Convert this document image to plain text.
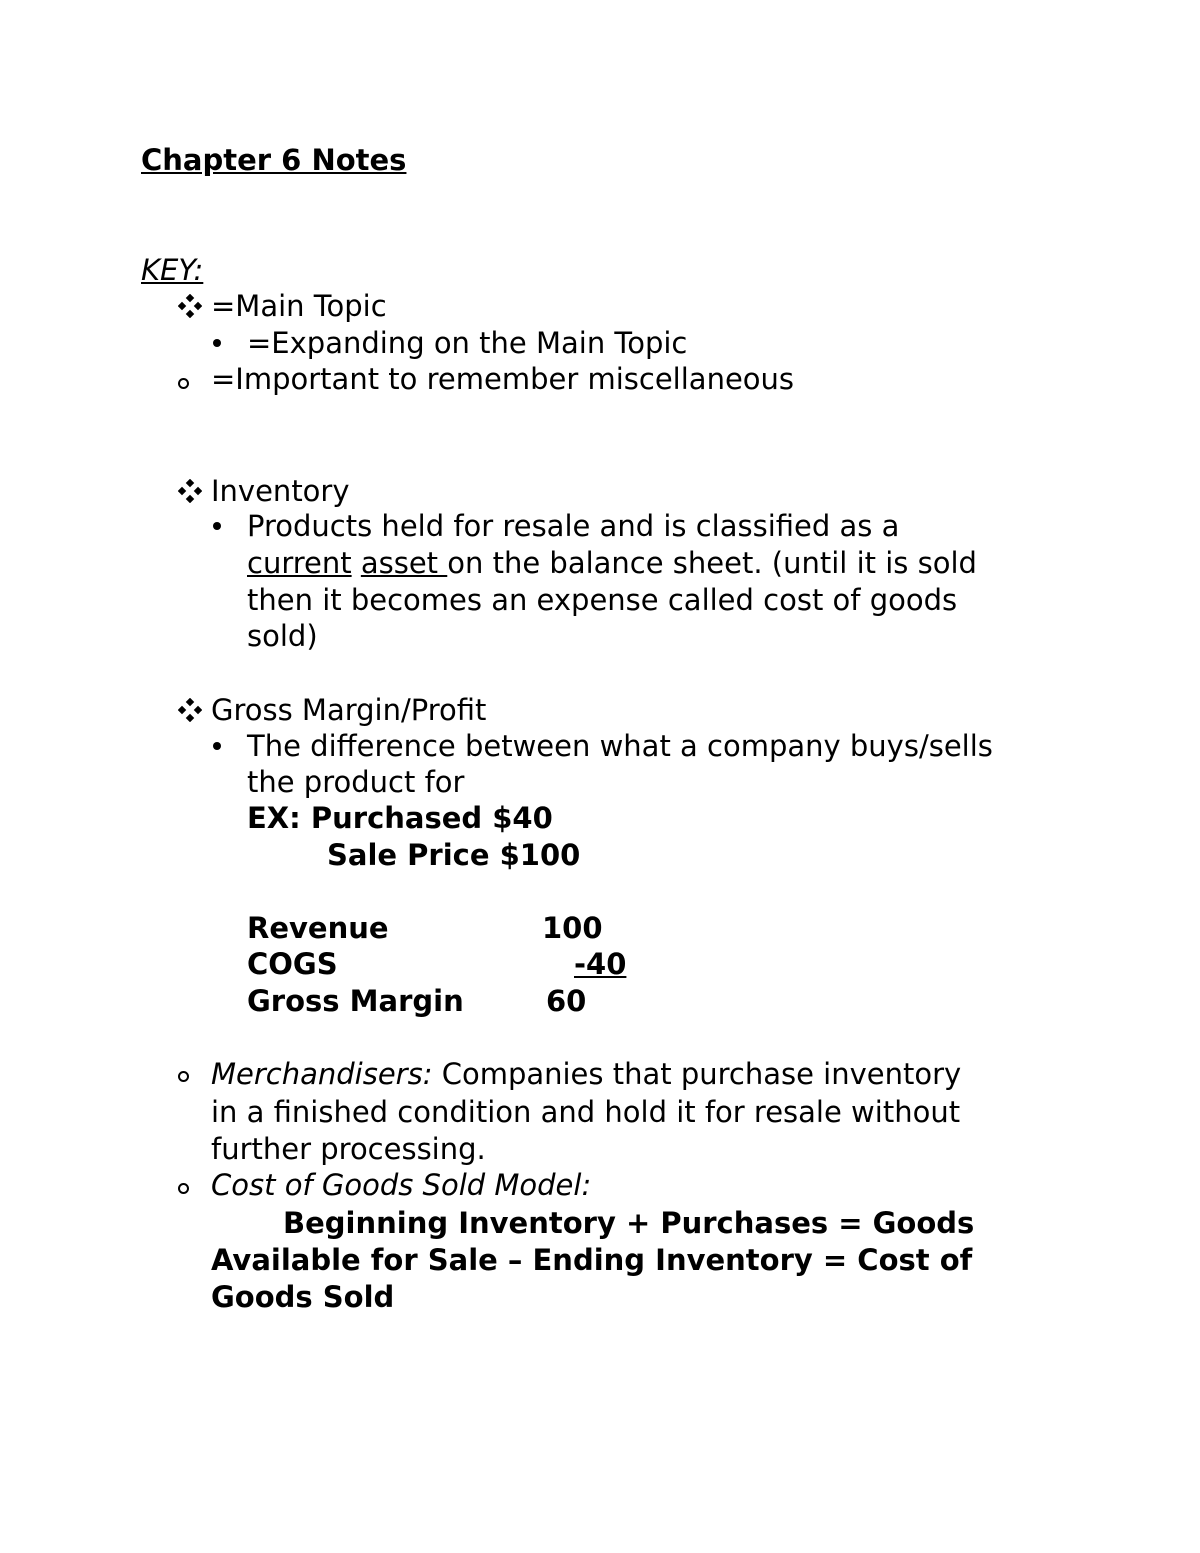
Chapter 6 Notes
KEY:
=Main Topic
=Expanding on the Main Topic
=Important to remember miscellaneous
Inventory
Products held for resale and is classified as a
current asset on the balance sheet. (until it is sold
then it becomes an expense called cost of goods
sold)
Gross Margin/Profit
The difference between what a company buys/sells
the product for
EX: Purchased $40
Sale Price $100
Revenue	100
COGS	-40
Gross Margin	60
Merchandisers: Companies that purchase inventory
in a finished condition and hold it for resale without
further processing.
Cost of Goods Sold Model:
Beginning Inventory + Purchases = Goods
Available for Sale – Ending Inventory = Cost of
Goods Sold
